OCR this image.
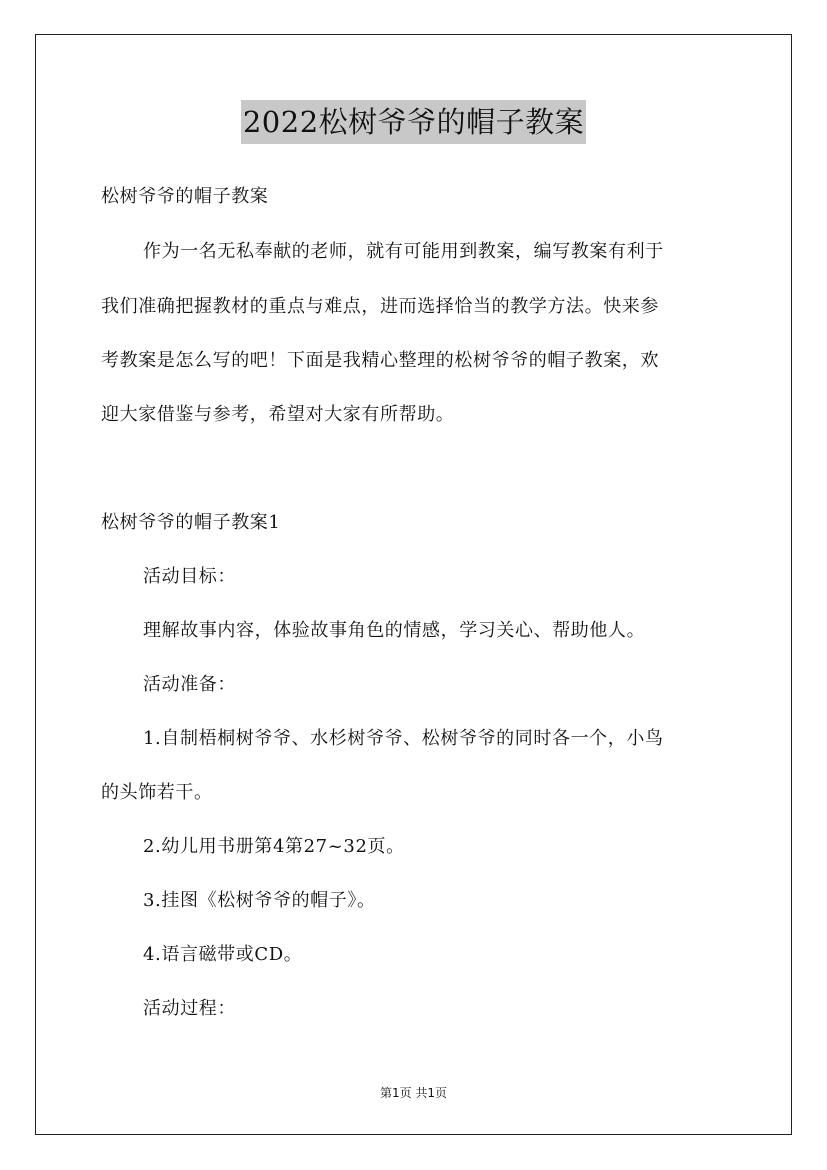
2022松树爷爷的帽子教案
松树爷爷的帽子教案
作为一名无私奉献的老师，就有可能用到教案，编写教案有利于
我们准确把握教材的重点与难点，进而选择恰当的教学方法。快来参
考教案是怎么写的吧！下面是我精心整理的松树爷爷的帽子教案，欢
迎大家借鉴与参考，希望对大家有所帮助。
松树爷爷的帽子教案1
活动目标：
理解故事内容，体验故事角色的情感，学习关心、帮助他人。
活动准备：
1.自制梧桐树爷爷、水杉树爷爷、松树爷爷的同时各一个，小鸟
的头饰若干。
2.幼儿用书册第4第27~32页。
3.挂图《松树爷爷的帽子》。
4.语言磁带或CD。
活动过程：
第1页 共1页
